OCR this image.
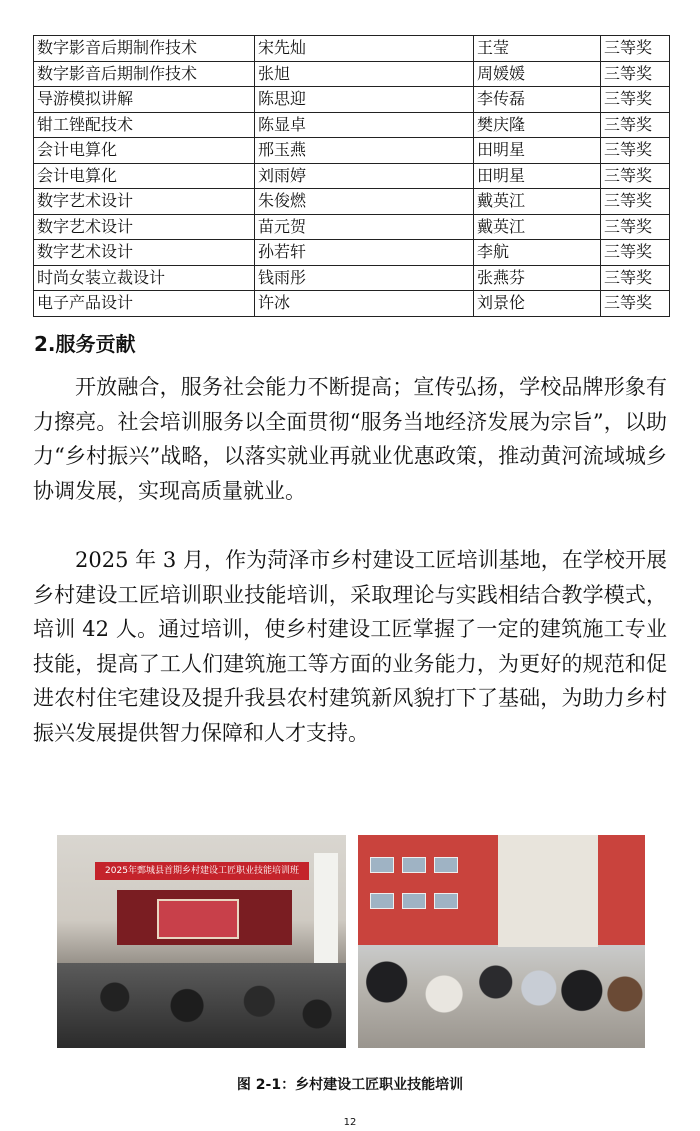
数字影音后期制作技术	宋先灿	王莹	三等奖
数字影音后期制作技术	张旭	周媛媛	三等奖
导游模拟讲解	陈思迎	李传磊	三等奖
钳工锉配技术	陈显卓	樊庆隆	三等奖
会计电算化	邢玉燕	田明星	三等奖
会计电算化	刘雨婷	田明星	三等奖
数字艺术设计	朱俊燃	戴英江	三等奖
数字艺术设计	苗元贺	戴英江	三等奖
数字艺术设计	孙若轩	李航	三等奖
时尚女装立裁设计	钱雨彤	张燕芬	三等奖
电子产品设计	许冰	刘景伦	三等奖
2.服务贡献

开放融合，服务社会能力不断提高；宣传弘扬，学校品牌形象有力擦亮。社会培训服务以全面贯彻“服务当地经济发展为宗旨”，以助力“乡村振兴”战略，以落实就业再就业优惠政策，推动黄河流域城乡协调发展，实现高质量就业。

2025 年 3 月，作为菏泽市乡村建设工匠培训基地，在学校开展乡村建设工匠培训职业技能培训，采取理论与实践相结合教学模式，培训 42 人。通过培训，使乡村建设工匠掌握了一定的建筑施工专业技能，提高了工人们建筑施工等方面的业务能力，为更好的规范和促进农村住宅建设及提升我县农村建筑新风貌打下了基础，为助力乡村振兴发展提供智力保障和人才支持。

2025年鄄城县首期乡村建设工匠职业技能培训班
图 2-1：乡村建设工匠职业技能培训
12
